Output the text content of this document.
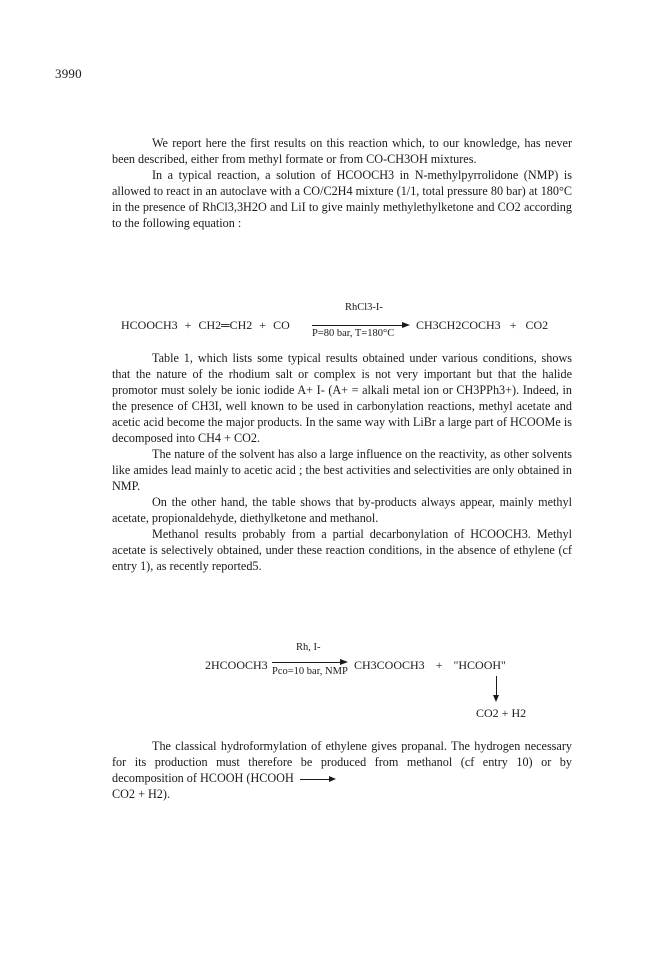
3990

We report here the first results on this reaction which, to our knowledge, has never been described, either from methyl formate or from CO-CH3OH mixtures.

In a typical reaction, a solution of HCOOCH3 in N-methylpyrrolidone (NMP) is allowed to react in an autoclave with a CO/C2H4 mixture (1/1, total pressure 80 bar) at 180°C in the presence of RhCl3,3H2O and LiI to give mainly methylethylketone and CO2 according to the following equation :

HCOOCH3 + CH2═CH2 + CO
RhCl3-I-
P=80 bar, T=180°C
CH3CH2COCH3 + CO2

Table 1, which lists some typical results obtained under various conditions, shows that the nature of the rhodium salt or complex is not very important but that the halide promotor must solely be ionic iodide A+ I- (A+ = alkali metal ion or CH3PPh3+). Indeed, in the presence of CH3I, well known to be used in carbonylation reactions, methyl acetate and acetic acid become the major products. In the same way with LiBr a large part of HCOOMe is decomposed into CH4 + CO2.

The nature of the solvent has also a large influence on the reactivity, as other solvents like amides lead mainly to acetic acid ; the best activities and selectivities are only obtained in NMP.

On the other hand, the table shows that by-products always appear, mainly methyl acetate, propionaldehyde, diethylketone and methanol.

Methanol results probably from a partial decarbonylation of HCOOCH3. Methyl acetate is selectively obtained, under these reaction conditions, in the absence of ethylene (cf entry 1), as recently reported5.

2HCOOCH3
Rh, I-
Pco=10 bar, NMP CH3COOCH3 + "HCOOH"
CO2 + H2

The classical hydroformylation of ethylene gives propanal. The hydrogen necessary for its production must therefore be produced from methanol (cf entry 10) or by decomposition of HCOOH (HCOOH

CO2 + H2).
